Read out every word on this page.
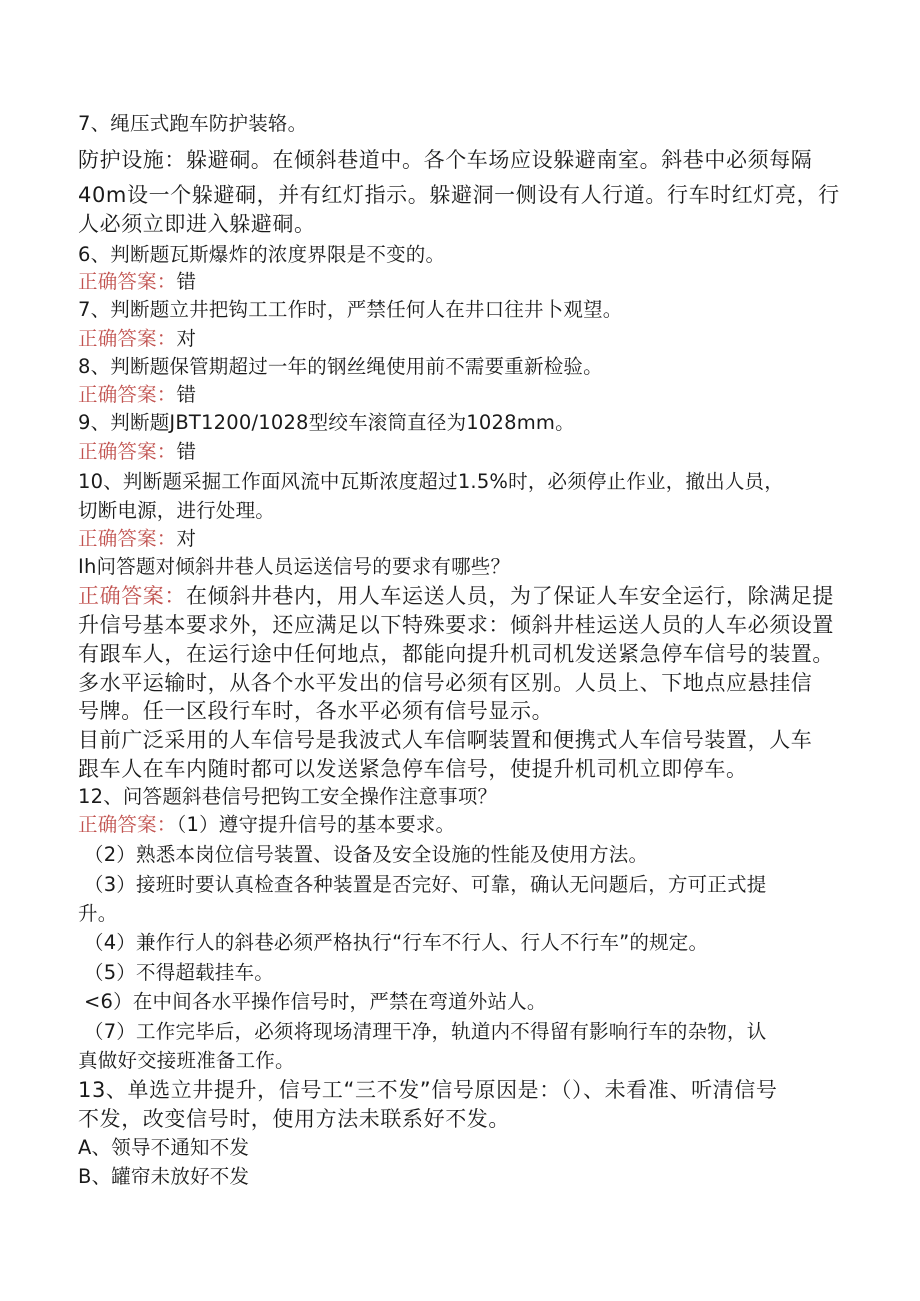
7、绳压式跑车防护装辂。
防护设施：躲避硐。在倾斜巷道中。各个车场应设躲避南室。斜巷中必须每隔
40m设一个躲避硐，并有红灯指示。躲避洞一侧设有人行道。行车时红灯亮，行
人必须立即进入躲避硐。
6、判断题瓦斯爆炸的浓度界限是不变的。
正确答案：错
7、判断题立井把钩工工作时，严禁任何人在井口往井卜观望。
正确答案：对
8、判断题保管期超过一年的钢丝绳使用前不需要重新检验。
正确答案：错
9、判断题JBT1200/1028型绞车滚筒直径为1028mm。
正确答案：错
10、判断题采掘工作面风流中瓦斯浓度超过1.5%时，必须停止作业，撤出人员，
切断电源，进行处理。
正确答案：对
Ih问答题对倾斜井巷人员运送信号的要求有哪些？
正确答案：在倾斜井巷内，用人车运送人员，为了保证人车安全运行，除满足提
升信号基本要求外，还应满足以下特殊要求：倾斜井桂运送人员的人车必须设置
有跟车人，在运行途中任何地点，都能向提升机司机发送紧急停车信号的装置。
多水平运输时，从各个水平发出的信号必须有区别。人员上、下地点应悬挂信
号牌。任一区段行车时，各水平必须有信号显示。
目前广泛采用的人车信号是我波式人车信啊装置和便携式人车信号装置，人车
跟车人在车内随时都可以发送紧急停车信号，使提升机司机立即停车。
12、问答题斜巷信号把钩工安全操作注意事项？
正确答案：（1）遵守提升信号的基本要求。
（2）熟悉本岗位信号装置、设备及安全设施的性能及使用方法。
（3）接班时要认真检查各种装置是否完好、可靠，确认无问题后，方可正式提
升。
（4）兼作行人的斜巷必须严格执行“行车不行人、行人不行车”的规定。
（5）不得超载挂车。
<6）在中间各水平操作信号时，严禁在弯道外站人。
（7）工作完毕后，必须将现场清理干净，轨道内不得留有影响行车的杂物，认
真做好交接班准备工作。
13、单选立井提升，信号工“三不发”信号原因是：（）、未看准、听清信号
不发，改变信号时，使用方法未联系好不发。
A、领导不通知不发
B、罐帘未放好不发
